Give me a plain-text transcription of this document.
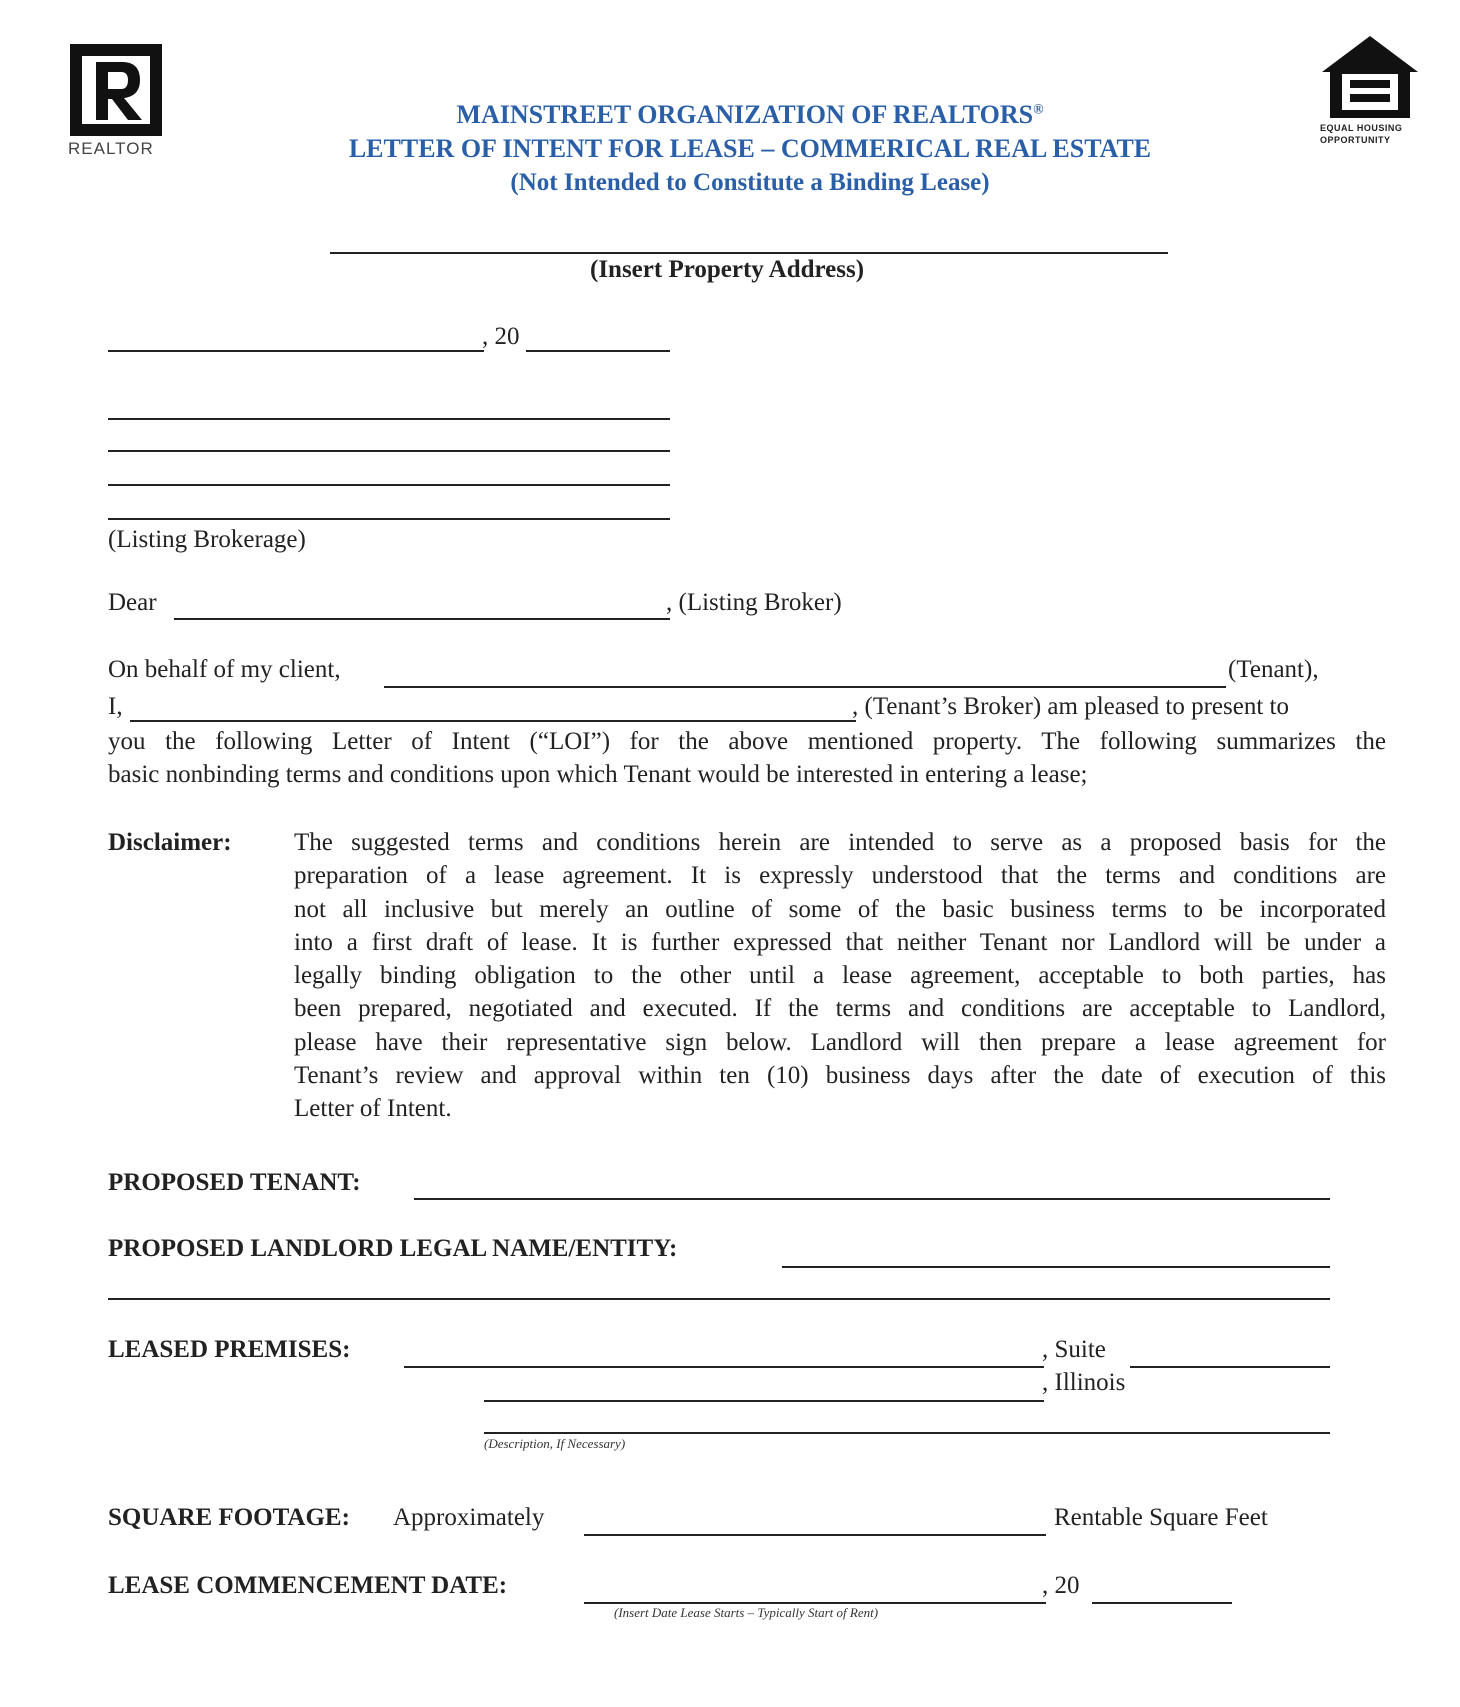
REALTOR
EQUAL HOUSING
OPPORTUNITY
MAINSTREET ORGANIZATION OF REALTORS®
LETTER OF INTENT FOR LEASE – COMMERICAL REAL ESTATE
(Not Intended to Constitute a Binding Lease)
(Insert Property Address)
, 20
(Listing Brokerage)
Dear	, (Listing Broker)
On behalf of my client,	(Tenant),
I,	, (Tenant’s Broker) am pleased to present to
you the following Letter of Intent (“LOI”) for the above mentioned property. The following summarizes the
basic nonbinding terms and conditions upon which Tenant would be interested in entering a lease;
Disclaimer: The suggested terms and conditions herein are intended to serve as a proposed basis for the
preparation of a lease agreement. It is expressly understood that the terms and conditions are
not all inclusive but merely an outline of some of the basic business terms to be incorporated
into a first draft of lease. It is further expressed that neither Tenant nor Landlord will be under a
legally binding obligation to the other until a lease agreement, acceptable to both parties, has
been prepared, negotiated and executed. If the terms and conditions are acceptable to Landlord,
please have their representative sign below. Landlord will then prepare a lease agreement for
Tenant’s review and approval within ten (10) business days after the date of execution of this
Letter of Intent.
PROPOSED TENANT:
PROPOSED LANDLORD LEGAL NAME/ENTITY:
LEASED PREMISES:	, Suite
, Illinois
(Description, If Necessary)
SQUARE FOOTAGE: Approximately	Rentable Square Feet
LEASE COMMENCEMENT DATE:	, 20
(Insert Date Lease Starts – Typically Start of Rent)
